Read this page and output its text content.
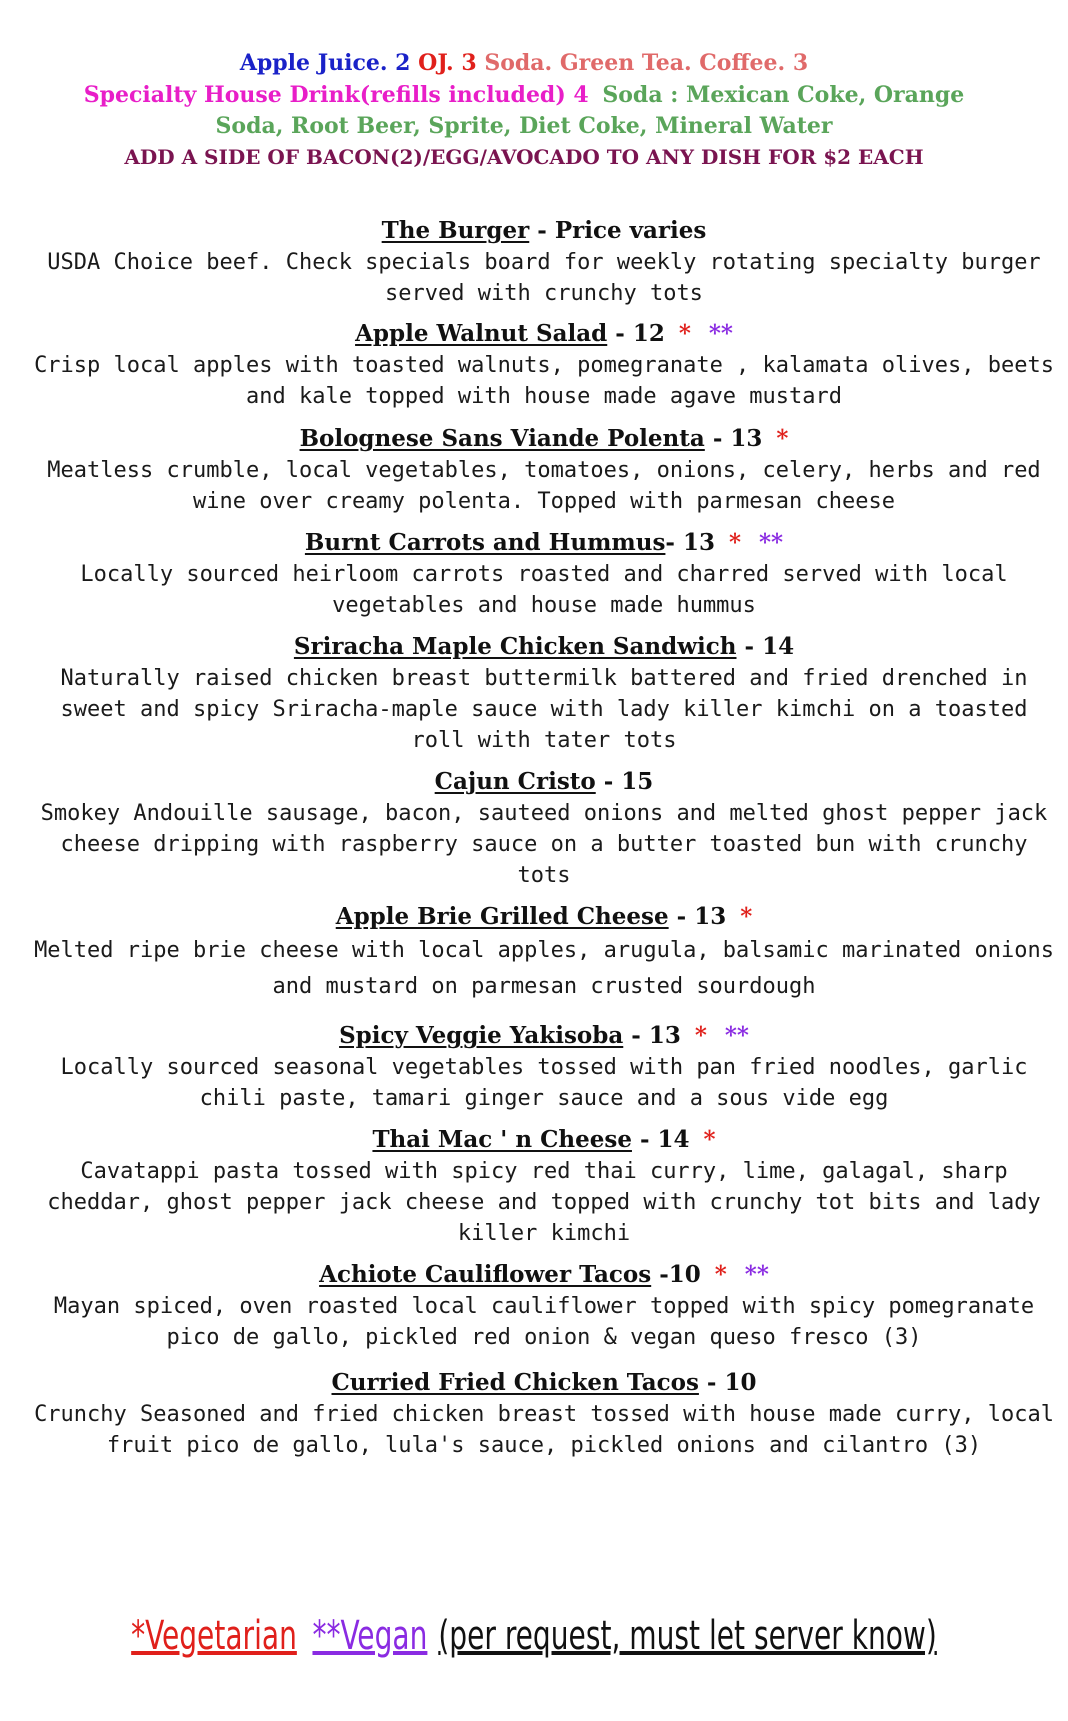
Apple Juice. 2 OJ. 3 Soda. Green Tea. Coffee. 3
Specialty House Drink(refills included) 4 Soda : Mexican Coke, Orange
Soda, Root Beer, Sprite, Diet Coke, Mineral Water
ADD A SIDE OF BACON(2)/EGG/AVOCADO TO ANY DISH FOR $2 EACH
The Burger - Price varies
USDA Choice beef. Check specials board for weekly rotating specialty burger served with crunchy tots
Apple Walnut Salad - 12 * **
Crisp local apples with toasted walnuts, pomegranate , kalamata olives, beets and kale topped with house made agave mustard
Bolognese Sans Viande Polenta - 13 *
Meatless crumble, local vegetables, tomatoes, onions, celery, herbs and red wine over creamy polenta. Topped with parmesan cheese
Burnt Carrots and Hummus- 13 * **
Locally sourced heirloom carrots roasted and charred served with local vegetables and house made hummus
Sriracha Maple Chicken Sandwich - 14
Naturally raised chicken breast buttermilk battered and fried drenched in sweet and spicy Sriracha-maple sauce with lady killer kimchi on a toasted roll with tater tots
Cajun Cristo - 15
Smokey Andouille sausage, bacon, sauteed onions and melted ghost pepper jack cheese dripping with raspberry sauce on a butter toasted bun with crunchy tots
Apple Brie Grilled Cheese - 13 *
Melted ripe brie cheese with local apples, arugula, balsamic marinated onions and mustard on parmesan crusted sourdough
Spicy Veggie Yakisoba - 13 * **
Locally sourced seasonal vegetables tossed with pan fried noodles, garlic chili paste, tamari ginger sauce and a sous vide egg
Thai Mac ' n Cheese - 14 *
Cavatappi pasta tossed with spicy red thai curry, lime, galagal, sharp cheddar, ghost pepper jack cheese and topped with crunchy tot bits and lady killer kimchi
Achiote Cauliflower Tacos -10 * **
Mayan spiced, oven roasted local cauliflower topped with spicy pomegranate pico de gallo, pickled red onion & vegan queso fresco (3)
Curried Fried Chicken Tacos - 10
Crunchy Seasoned and fried chicken breast tossed with house made curry, local fruit pico de gallo, lula's sauce, pickled onions and cilantro (3)
*Vegetarian **Vegan (per request, must let server know)
